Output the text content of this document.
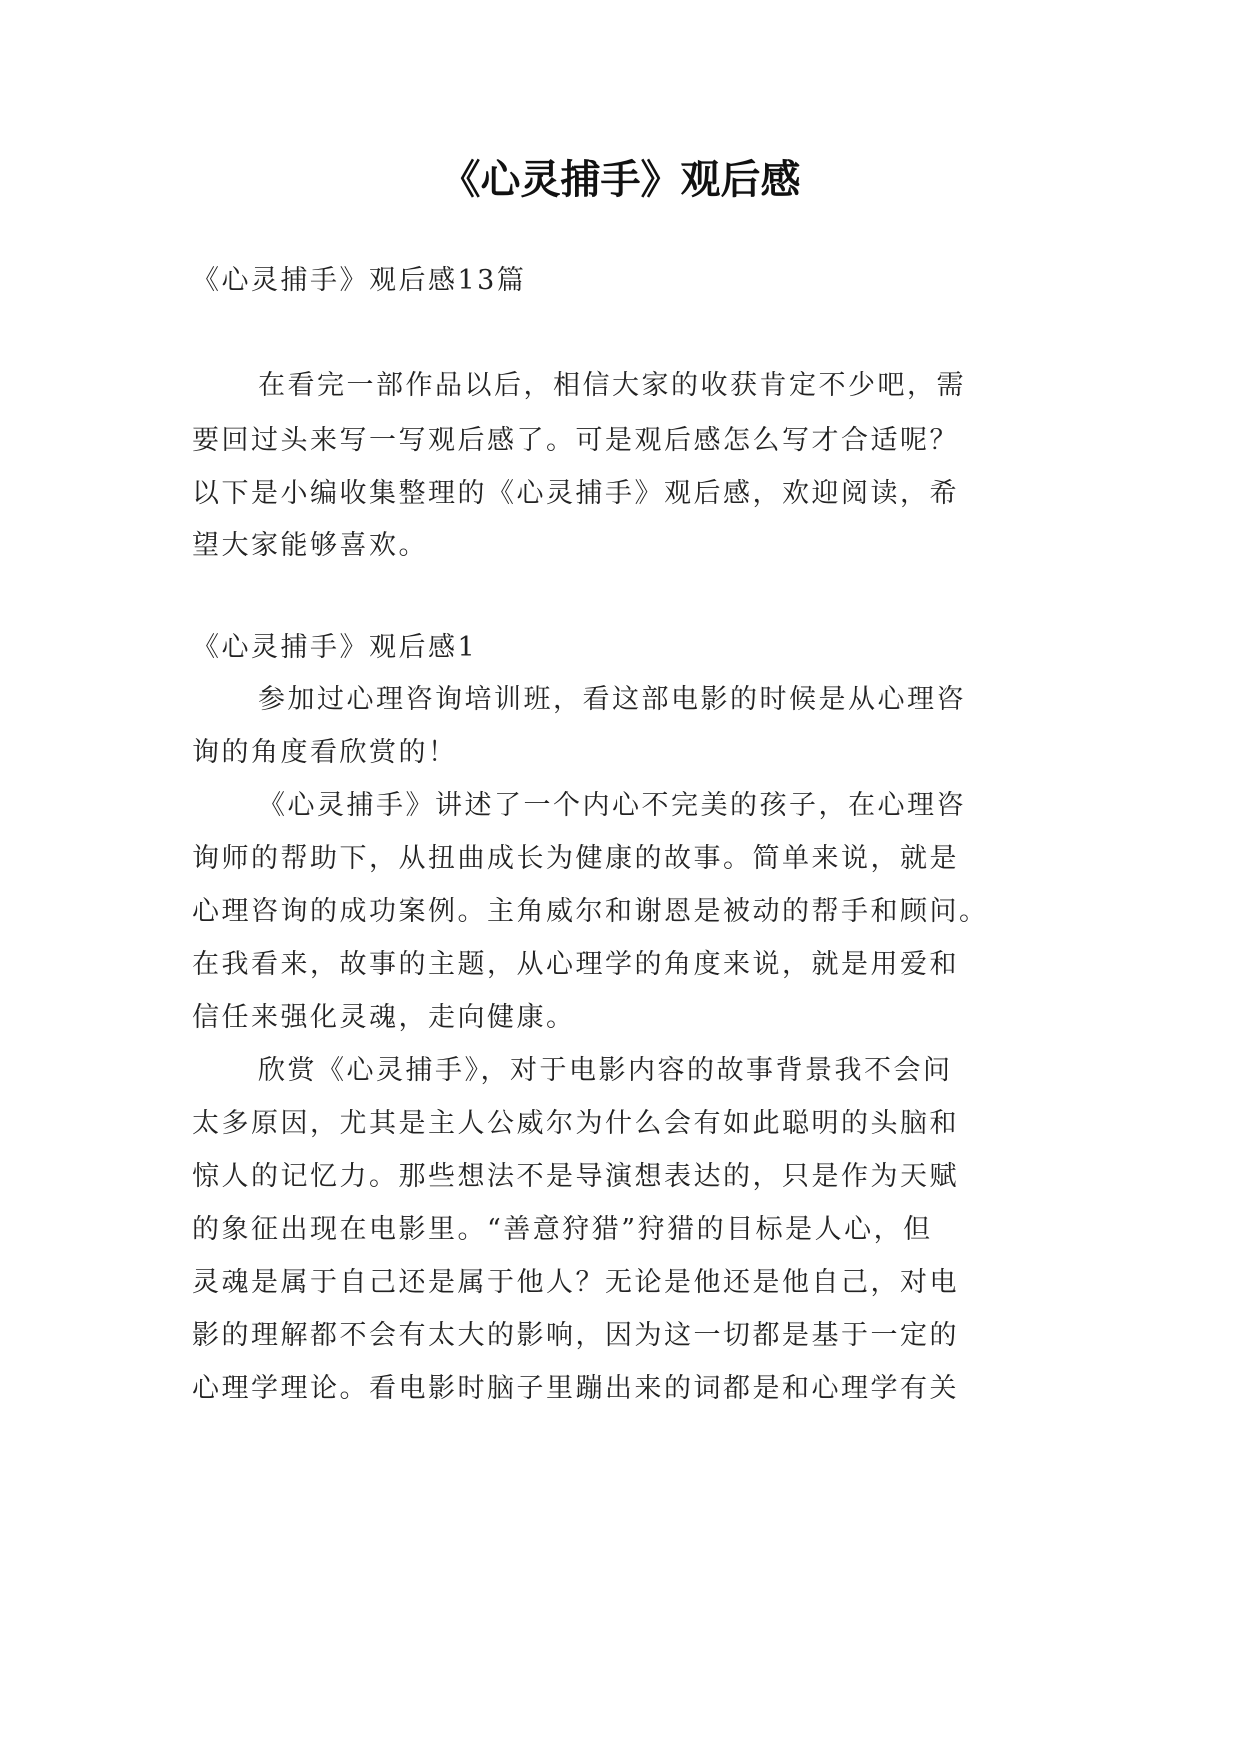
《心灵捕手》观后感
《心灵捕手》观后感13篇
在看完一部作品以后，相信大家的收获肯定不少吧，需
要回过头来写一写观后感了。可是观后感怎么写才合适呢？
以下是小编收集整理的《心灵捕手》观后感，欢迎阅读，希
望大家能够喜欢。
《心灵捕手》观后感1
参加过心理咨询培训班，看这部电影的时候是从心理咨
询的角度看欣赏的！
《心灵捕手》讲述了一个内心不完美的孩子，在心理咨
询师的帮助下，从扭曲成长为健康的故事。简单来说，就是
心理咨询的成功案例。主角威尔和谢恩是被动的帮手和顾问。
在我看来，故事的主题，从心理学的角度来说，就是用爱和
信任来强化灵魂，走向健康。
欣赏《心灵捕手》，对于电影内容的故事背景我不会问
太多原因，尤其是主人公威尔为什么会有如此聪明的头脑和
惊人的记忆力。那些想法不是导演想表达的，只是作为天赋
的象征出现在电影里。“善意狩猎”狩猎的目标是人心，但
灵魂是属于自己还是属于他人？无论是他还是他自己，对电
影的理解都不会有太大的影响，因为这一切都是基于一定的
心理学理论。看电影时脑子里蹦出来的词都是和心理学有关
